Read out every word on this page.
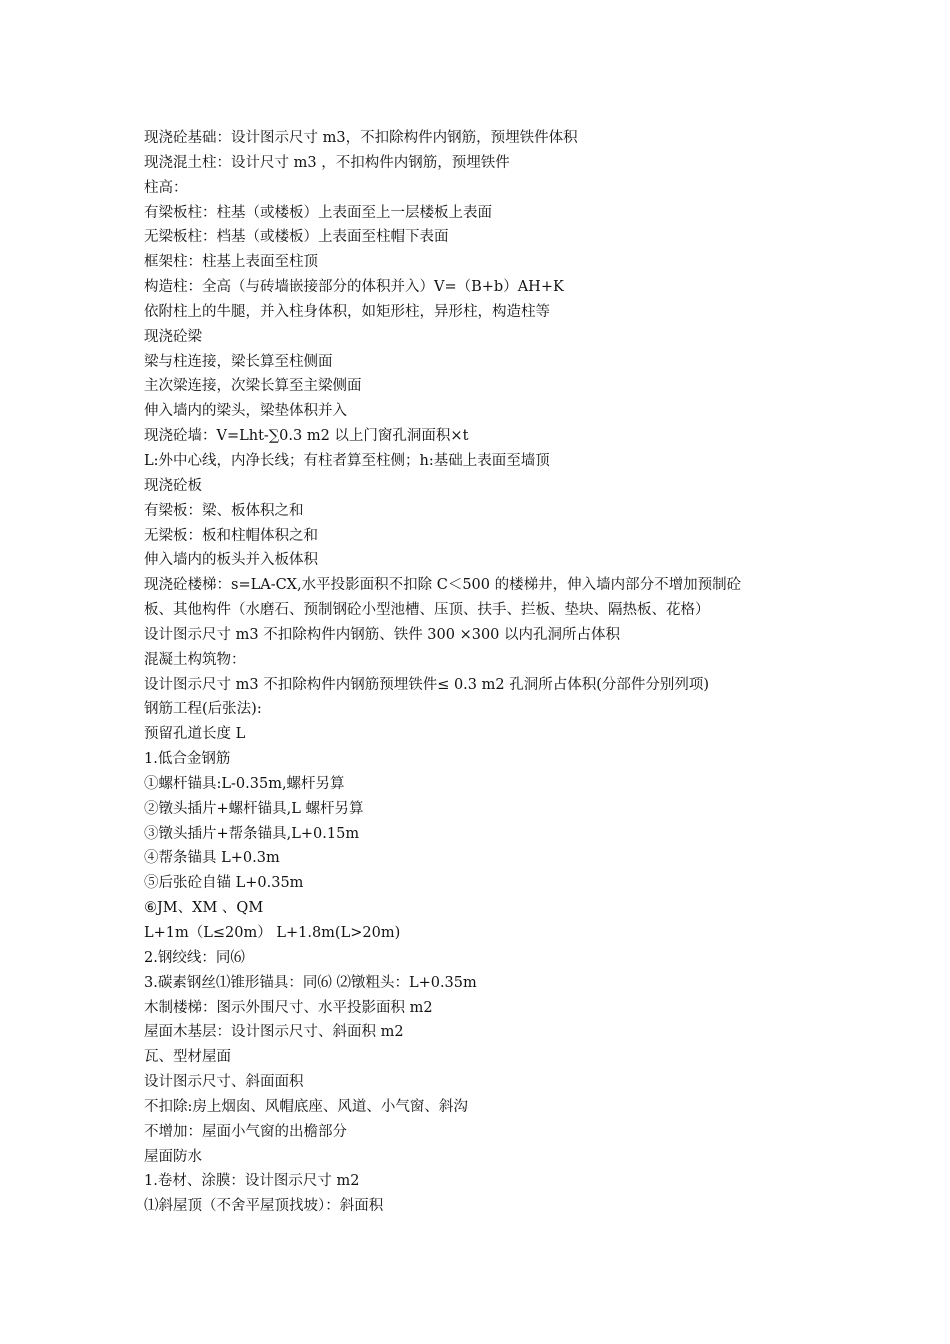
现浇砼基础：设计图示尺寸 m3，不扣除构件内钢筋，预埋铁件体积
现浇混土柱：设计尺寸 m3 ，不扣构件内钢筋，预埋铁件
柱高：
有梁板柱：柱基（或楼板）上表面至上一层楼板上表面
无梁板柱：档基（或楼板）上表面至柱帽下表面
框架柱：柱基上表面至柱顶
构造柱：全高（与砖墙嵌接部分的体积并入）V=（B+b）AH+K
依附柱上的牛腿，并入柱身体积，如矩形柱，异形柱，构造柱等
现浇砼梁
梁与柱连接，梁长算至柱侧面
主次梁连接，次梁长算至主梁侧面
伸入墙内的梁头，梁垫体积并入
现浇砼墙：V=Lht-∑0.3 m2 以上门窗孔洞面积×t
L:外中心线，内净长线；有柱者算至柱侧；h:基础上表面至墙顶
现浇砼板
有梁板：梁、板体积之和
无梁板：板和柱帽体积之和
伸入墙内的板头并入板体积
现浇砼楼梯：s=LA-CX,水平投影面积不扣除 C＜500 的楼梯井，伸入墙内部分不增加预制砼
板、其他构件（水磨石、预制钢砼小型池槽、压顶、扶手、拦板、垫块、隔热板、花格）
设计图示尺寸 m3 不扣除构件内钢筋、铁件 300 ×300 以内孔洞所占体积
混凝土构筑物：
设计图示尺寸 m3 不扣除构件内钢筋预埋铁件≤ 0.3 m2 孔洞所占体积(分部件分别列项)
钢筋工程(后张法):
预留孔道长度 L
1.低合金钢筋
①螺杆锚具:L-0.35m,螺杆另算
②镦头插片+螺杆锚具,L 螺杆另算
③镦头插片+帮条锚具,L+0.15m
④帮条锚具 L+0.3m
⑤后张砼自锚 L+0.35m
⑥JM、XM 、QM
L+1m（L≤20m） L+1.8m(L>20m)
2.钢绞线：同⑹
3.碳素钢丝⑴锥形锚具：同⑹ ⑵镦粗头：L+0.35m
木制楼梯：图示外围尺寸、水平投影面积 m2
屋面木基层：设计图示尺寸、斜面积 m2
瓦、型材屋面
设计图示尺寸、斜面面积
不扣除:房上烟囱、风帽底座、风道、小气窗、斜沟
不增加：屋面小气窗的出檐部分
屋面防水
1.卷材、涂膜：设计图示尺寸 m2
⑴斜屋顶（不舍平屋顶找坡）：斜面积
